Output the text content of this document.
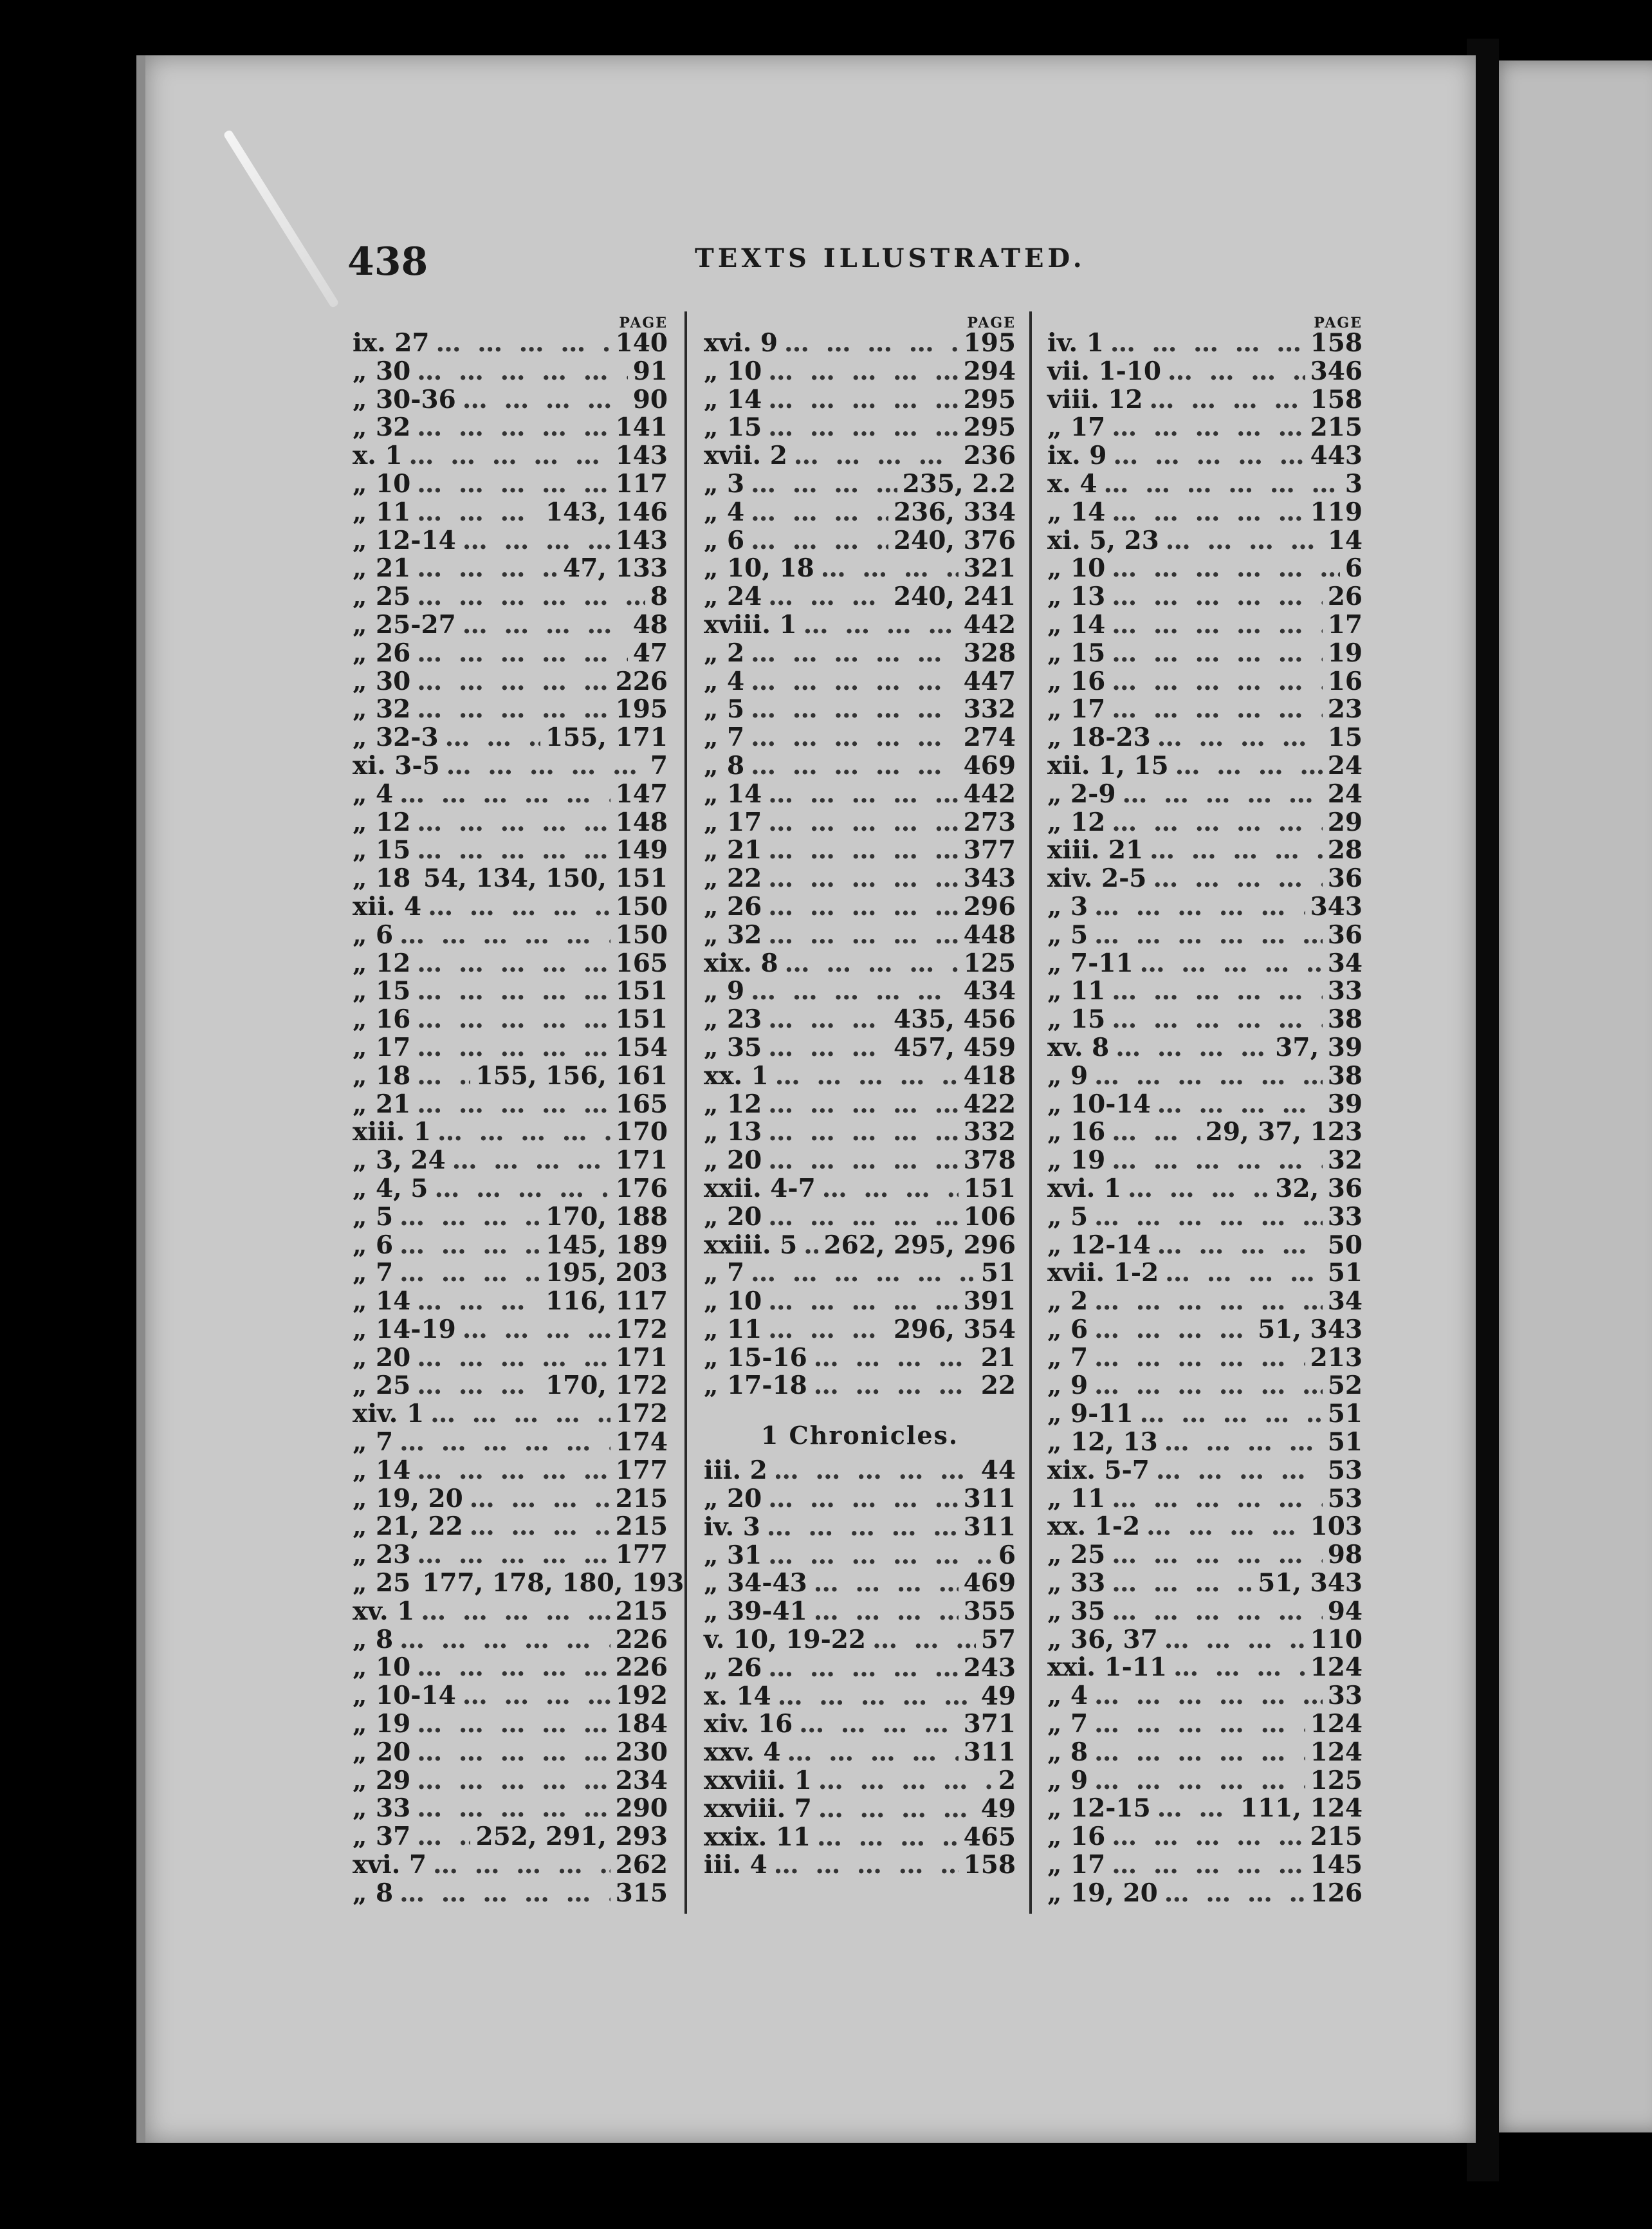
438	TEXTS ILLUSTRATED.
PAGE
ix. 27 … … … … … … … … … … … …	140
„ 30 … … … … … … … … … … … …	91
„ 30-36 … … … … … … … … … … … …	90
„ 32 … … … … … … … … … … … …	141
x. 1 … … … … … … … … … … … …	143
„ 10 … … … … … … … … … … … …	117
„ 11 … … … … … … … … … … … …	143, 146
„ 12-14 … … … … … … … … … … … …	143
„ 21 … … … … … … … … … … … …	47, 133
„ 25 … … … … … … … … … … … …	8
„ 25-27 … … … … … … … … … … … …	48
„ 26 … … … … … … … … … … … …	47
„ 30 … … … … … … … … … … … …	226
„ 32 … … … … … … … … … … … …	195
„ 32-3 … … … … … … … … … … … …	155, 171
xi. 3-5 … … … … … … … … … … … …	7
„ 4 … … … … … … … … … … … …	147
„ 12 … … … … … … … … … … … …	148
„ 15 … … … … … … … … … … … …	149
„ 18 … … … … … … … … … … … … 54, 134, 150, 151
xii. 4 … … … … … … … … … … … …	150
„ 6 … … … … … … … … … … … …	150
„ 12 … … … … … … … … … … … …	165
„ 15 … … … … … … … … … … … …	151
„ 16 … … … … … … … … … … … …	151
„ 17 … … … … … … … … … … … …	154
„ 18 … … … … … … … … … … … …	155, 156, 161
„ 21 … … … … … … … … … … … …	165
xiii. 1 … … … … … … … … … … … …	170
„ 3, 24 … … … … … … … … … … … …	171
„ 4, 5 … … … … … … … … … … … …	176
„ 5 … … … … … … … … … … … …	170, 188
„ 6 … … … … … … … … … … … …	145, 189
„ 7 … … … … … … … … … … … …	195, 203
„ 14 … … … … … … … … … … … …	116, 117
„ 14-19 … … … … … … … … … … … …	172
„ 20 … … … … … … … … … … … …	171
„ 25 … … … … … … … … … … … …	170, 172
xiv. 1 … … … … … … … … … … … …	172
„ 7 … … … … … … … … … … … …	174
„ 14 … … … … … … … … … … … …	177
„ 19, 20 … … … … … … … … … … … …	215
„ 21, 22 … … … … … … … … … … … …	215
„ 23 … … … … … … … … … … … …	177
„ 25 177, 178, 180, 193
xv. 1 … … … … … … … … … … … …	215
„ 8 … … … … … … … … … … … …	226
„ 10 … … … … … … … … … … … …	226
„ 10-14 … … … … … … … … … … … …	192
„ 19 … … … … … … … … … … … …	184
„ 20 … … … … … … … … … … … …	230
„ 29 … … … … … … … … … … … …	234
„ 33 … … … … … … … … … … … …	290
„ 37 … … … … … … … … … … … …	252, 291, 293
xvi. 7 … … … … … … … … … … … …	262
„ 8 … … … … … … … … … … … …	315
PAGE
xvi. 9 … … … … … … … … … … … …	195
„ 10 … … … … … … … … … … … …	294
„ 14 … … … … … … … … … … … …	295
„ 15 … … … … … … … … … … … …	295
xvii. 2 … … … … … … … … … … … …	236
„ 3 … … … … … … … … … … … …	235, 2.2
„ 4 … … … … … … … … … … … …	236, 334
„ 6 … … … … … … … … … … … …	240, 376
„ 10, 18 … … … … … … … … … … … …	321
„ 24 … … … … … … … … … … … …	240, 241
xviii. 1 … … … … … … … … … … … …	442
„ 2 … … … … … … … … … … … …	328
„ 4 … … … … … … … … … … … …	447
„ 5 … … … … … … … … … … … …	332
„ 7 … … … … … … … … … … … …	274
„ 8 … … … … … … … … … … … …	469
„ 14 … … … … … … … … … … … …	442
„ 17 … … … … … … … … … … … …	273
„ 21 … … … … … … … … … … … …	377
„ 22 … … … … … … … … … … … …	343
„ 26 … … … … … … … … … … … …	296
„ 32 … … … … … … … … … … … …	448
xix. 8 … … … … … … … … … … … …	125
„ 9 … … … … … … … … … … … …	434
„ 23 … … … … … … … … … … … …	435, 456
„ 35 … … … … … … … … … … … …	457, 459
xx. 1 … … … … … … … … … … … …	418
„ 12 … … … … … … … … … … … …	422
„ 13 … … … … … … … … … … … …	332
„ 20 … … … … … … … … … … … …	378
xxii. 4-7 … … … … … … … … … … … …	151
„ 20 … … … … … … … … … … … …	106
xxiii. 5 … … … … … … … … … … … … 262, 295, 296
„ 7 … … … … … … … … … … … …	51
„ 10 … … … … … … … … … … … …	391
„ 11 … … … … … … … … … … … …	296, 354
„ 15-16 … … … … … … … … … … … …	21
„ 17-18 … … … … … … … … … … … …	22
1 Chronicles.
iii. 2 … … … … … … … … … … … …	44
„ 20 … … … … … … … … … … … …	311
iv. 3 … … … … … … … … … … … …	311
„ 31 … … … … … … … … … … … …	6
„ 34-43 … … … … … … … … … … … …	469
„ 39-41 … … … … … … … … … … … …	355
v. 10, 19-22 … … … … … … … … … … … …	57
„ 26 … … … … … … … … … … … …	243
x. 14 … … … … … … … … … … … …	49
xiv. 16 … … … … … … … … … … … …	371
xxv. 4 … … … … … … … … … … … …	311
xxviii. 1 … … … … … … … … … … … …	2
xxviii. 7 … … … … … … … … … … … …	49
xxix. 11 … … … … … … … … … … … …	465
iii. 4 … … … … … … … … … … … …	158
PAGE
iv. 1 … … … … … … … … … … … …	158
vii. 1-10 … … … … … … … … … … … …	346
viii. 12 … … … … … … … … … … … …	158
„ 17 … … … … … … … … … … … …	215
ix. 9 … … … … … … … … … … … …	443
x. 4 … … … … … … … … … … … …	3
„ 14 … … … … … … … … … … … …	119
xi. 5, 23 … … … … … … … … … … … …	14
„ 10 … … … … … … … … … … … …	6
„ 13 … … … … … … … … … … … …	26
„ 14 … … … … … … … … … … … …	17
„ 15 … … … … … … … … … … … …	19
„ 16 … … … … … … … … … … … …	16
„ 17 … … … … … … … … … … … …	23
„ 18-23 … … … … … … … … … … … …	15
xii. 1, 15 … … … … … … … … … … … …	24
„ 2-9 … … … … … … … … … … … …	24
„ 12 … … … … … … … … … … … …	29
xiii. 21 … … … … … … … … … … … …	28
xiv. 2-5 … … … … … … … … … … … …	36
„ 3 … … … … … … … … … … … …	343
„ 5 … … … … … … … … … … … …	36
„ 7-11 … … … … … … … … … … … …	34
„ 11 … … … … … … … … … … … …	33
„ 15 … … … … … … … … … … … …	38
xv. 8 … … … … … … … … … … … …	37, 39
„ 9 … … … … … … … … … … … …	38
„ 10-14 … … … … … … … … … … … …	39
„ 16 … … … … … … … … … … … …	29, 37, 123
„ 19 … … … … … … … … … … … …	32
xvi. 1 … … … … … … … … … … … …	32, 36
„ 5 … … … … … … … … … … … …	33
„ 12-14 … … … … … … … … … … … …	50
xvii. 1-2 … … … … … … … … … … … …	51
„ 2 … … … … … … … … … … … …	34
„ 6 … … … … … … … … … … … …	51, 343
„ 7 … … … … … … … … … … … …	213
„ 9 … … … … … … … … … … … …	52
„ 9-11 … … … … … … … … … … … …	51
„ 12, 13 … … … … … … … … … … … …	51
xix. 5-7 … … … … … … … … … … … …	53
„ 11 … … … … … … … … … … … …	53
xx. 1-2 … … … … … … … … … … … …	103
„ 25 … … … … … … … … … … … …	98
„ 33 … … … … … … … … … … … …	51, 343
„ 35 … … … … … … … … … … … …	94
„ 36, 37 … … … … … … … … … … … …	110
xxi. 1-11 … … … … … … … … … … … …	124
„ 4 … … … … … … … … … … … …	33
„ 7 … … … … … … … … … … … …	124
„ 8 … … … … … … … … … … … …	124
„ 9 … … … … … … … … … … … …	125
„ 12-15 … … … … … … … … … … … …	111, 124
„ 16 … … … … … … … … … … … …	215
„ 17 … … … … … … … … … … … …	145
„ 19, 20 … … … … … … … … … … … …	126
